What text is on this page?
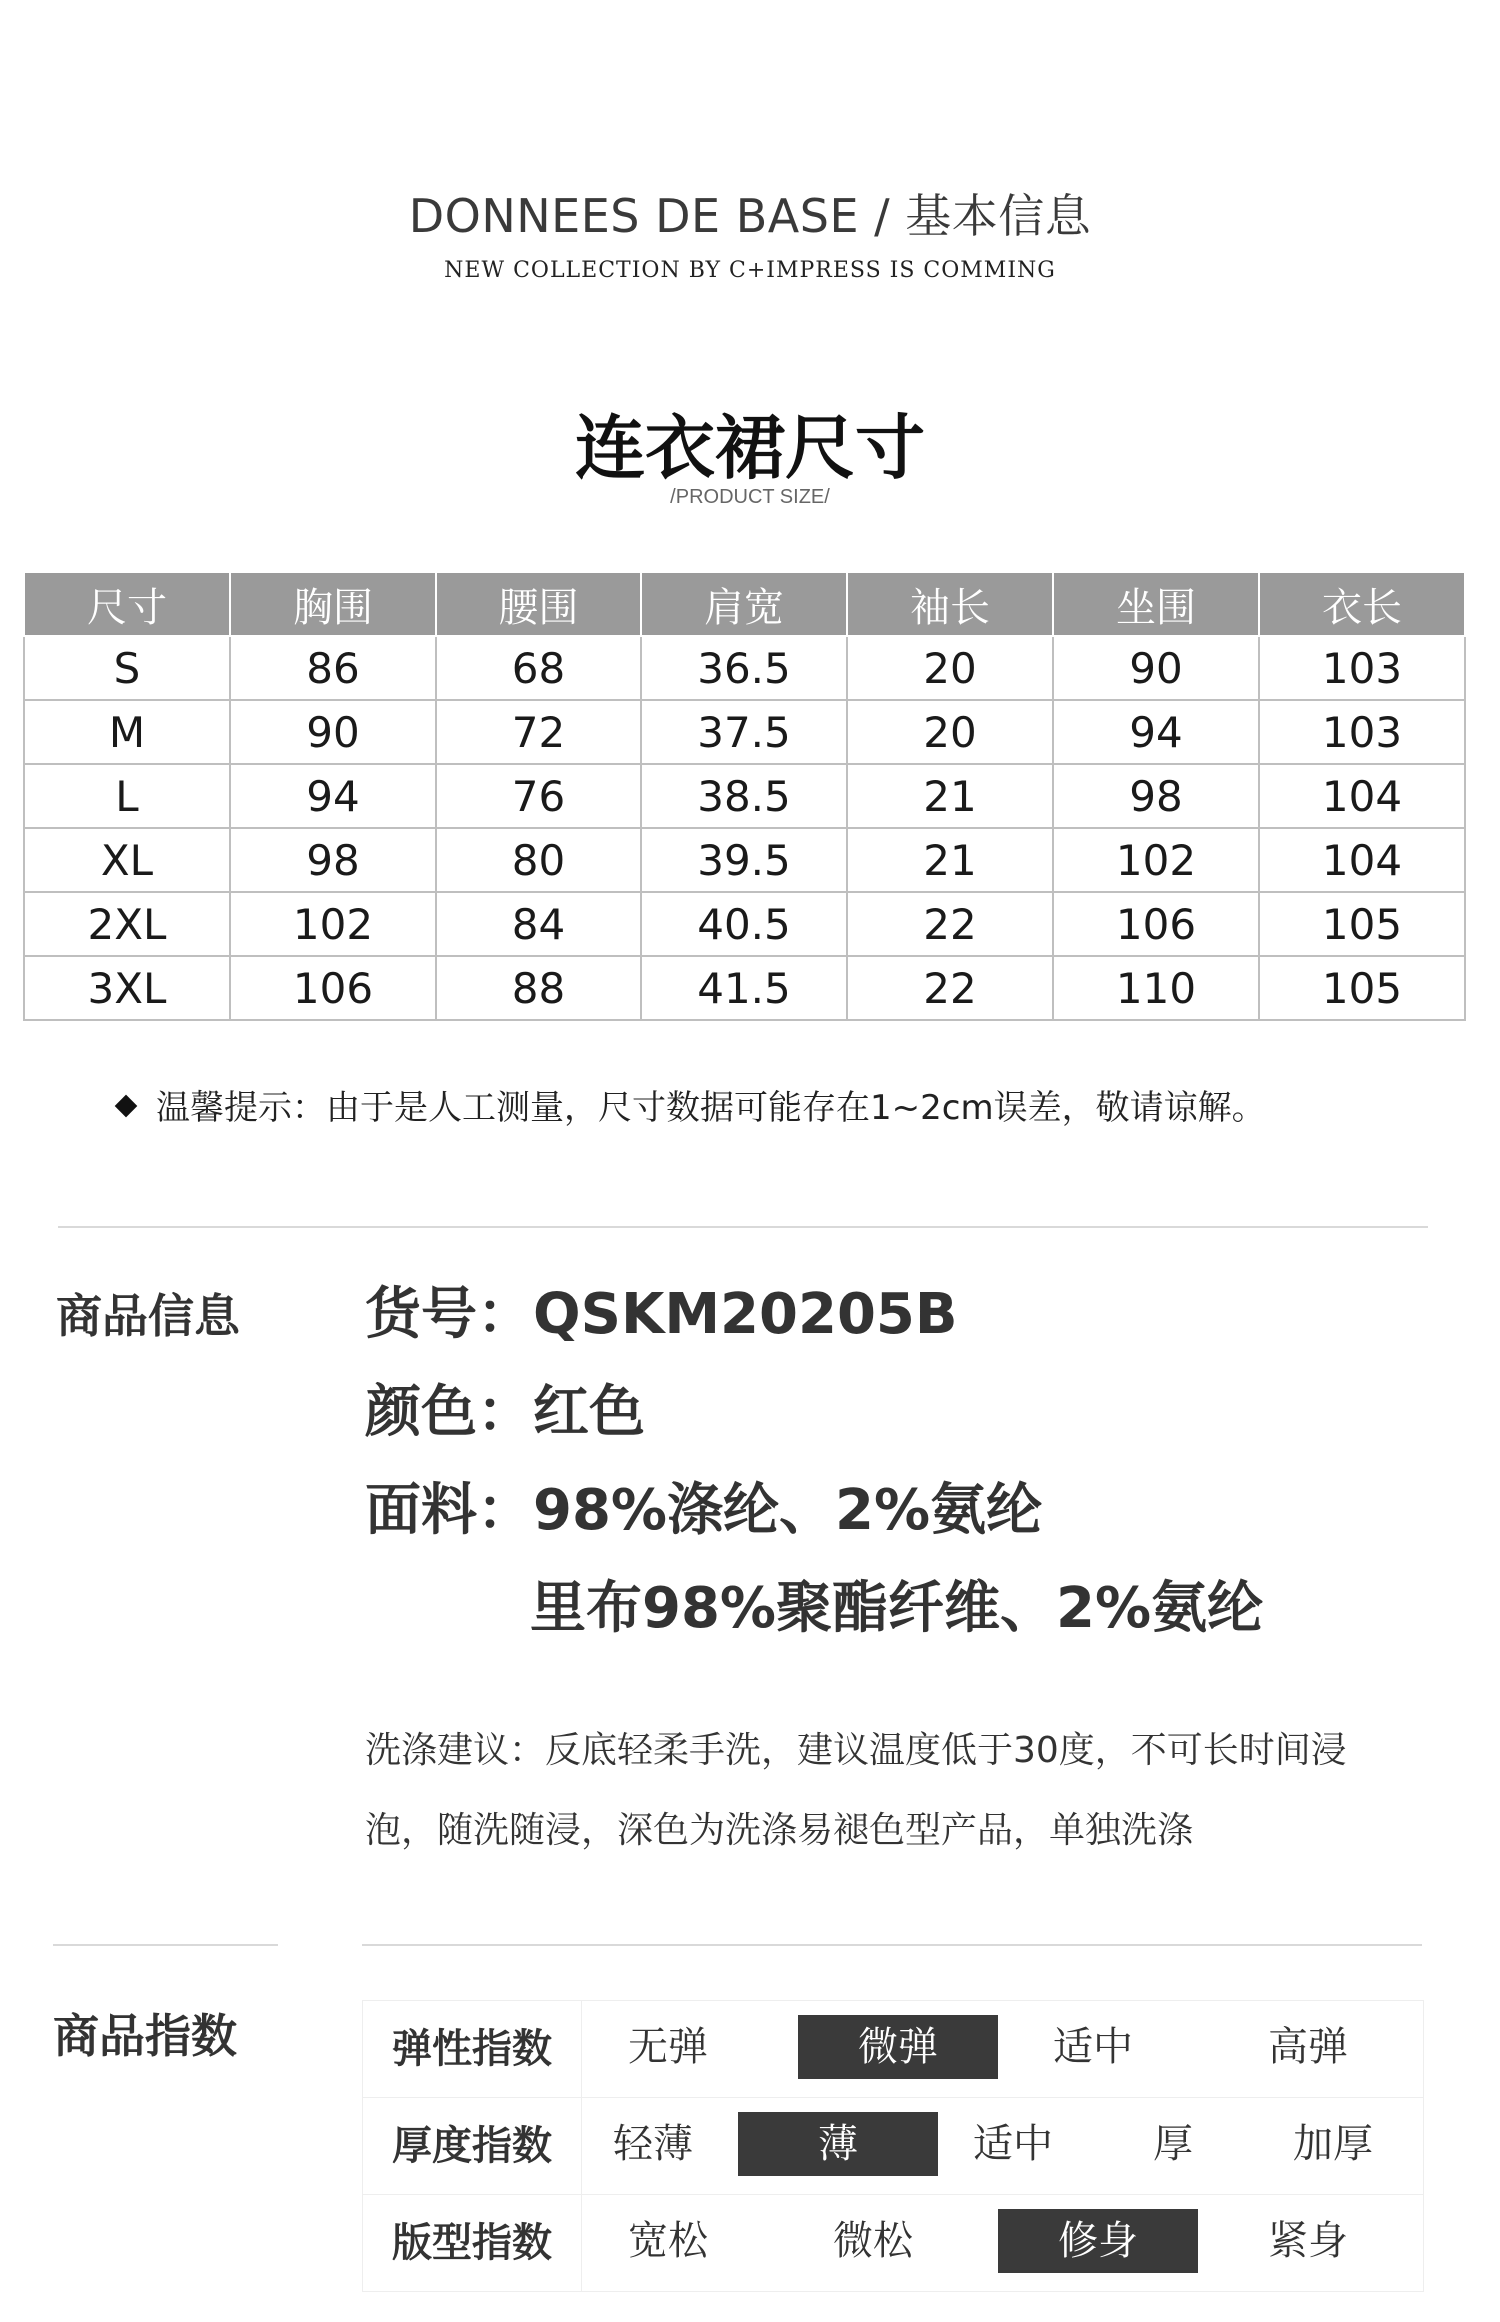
DONNEES DE BASE / 基本信息
NEW COLLECTION BY C+IMPRESS IS COMMING
连衣裙尺寸
/PRODUCT SIZE/
尺寸	胸围	腰围	肩宽	袖长	坐围	衣长
S	86	68	36.5	20	90	103
M	90	72	37.5	20	94	103
L	94	76	38.5	21	98	104
XL	98	80	39.5	21	102	104
2XL	102	84	40.5	22	106	105
3XL	106	88	41.5	22	110	105
温馨提示：由于是人工测量，尺寸数据可能存在1~2cm误差，敬请谅解。
商品信息 货号：QSKM20205B
颜色：红色
面料：98%涤纶、2%氨纶
里布98%聚酯纤维、2%氨纶
洗涤建议：反底轻柔手洗，建议温度低于30度，不可长时间浸
泡，随洗随浸，深色为洗涤易褪色型产品，单独洗涤
商品指数	弹性指数	无弹	微弹	适中	高弹
厚度指数	轻薄	薄	适中	厚	加厚
版型指数	宽松	微松	修身	紧身
